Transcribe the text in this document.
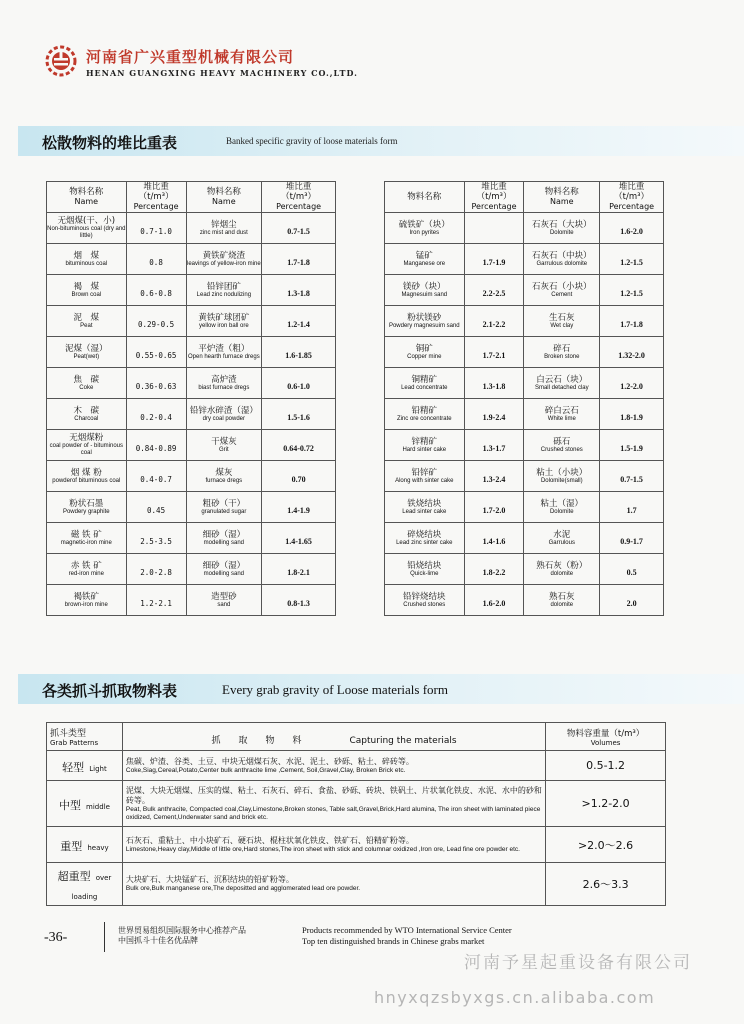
河南省广兴重型机械有限公司
HENAN GUANGXING HEAVY MACHINERY CO.,LTD.
松散物料的堆比重表	Banked specific gravity of loose materials form
物料名称
Name	堆比重
（t/m³）
Percentage	物料名称
Name	堆比重
（t/m³）
Percentage

无烟煤(干、小)
Non-bituminous coal (dry and little)	0.7-1.0	锌烟尘
zinc mist and dust	0.7-1.5

烟　煤
bituminous coal	0.8	黄铁矿烧渣
leavings of yellow-iron mine	1.7-1.8

褐　煤
Brown coal	0.6-0.8	铅锌团矿
Lead zinc nodulizing	1.3-1.8

泥　煤
Peat	0.29-0.5	黄铁矿球团矿
yellow iron ball ore	1.2-1.4

泥煤（湿）
Peat(wet)	0.55-0.65	平炉渣（粗）
Open hearth furnace dregs	1.6-1.85

焦　碳
Coke	0.36-0.63	高炉渣
biast furnace dregs	0.6-1.0

木　碳
Charcoal	0.2-0.4	铅锌水碎渣（湿）
dry coal powder	1.5-1.6

无烟煤粉
coal powder of - bituminous coal	0.84-0.89	干煤灰
Grit	0.64-0.72

烟 煤 粉
powderof bituminous coal	0.4-0.7	煤灰
furnace dregs	0.70

粉状石墨
Powdery graphite	0.45	粗砂（干）
granulated sugar	1.4-1.9

磁 铁 矿
magnetic-iron mine	2.5-3.5	细砂（湿）
modelling sand	1.4-1.65

赤 铁 矿
red-iron mine	2.0-2.8	细砂（湿）
modelling sand	1.8-2.1

褐铁矿
brown-iron mine	1.2-2.1	造型砂
sand	0.8-1.3
物料名称	堆比重
（t/m³）
Percentage	物料名称
Name	堆比重
（t/m³）
Percentage

硫铁矿（块）
Iron pyrites		石灰石（大块）
Dolomite	1.6-2.0

锰矿
Manganese ore	1.7-1.9	石灰石（中块）
Garrulous dolomite	1.2-1.5

镁砂（块）
Magnesuim sand	2.2-2.5	石灰石（小块）
Cement	1.2-1.5

粉状镁砂
Powdery magnesuim sand	2.1-2.2	生石灰
Wet clay	1.7-1.8

铜矿
Copper mine	1.7-2.1	碎石
Broken stone	1.32-2.0

铜精矿
Lead concentrate	1.3-1.8	白云石（块）
Small detached clay	1.2-2.0

铅精矿
Zinc ore concentrate	1.9-2.4	碎白云石
White lime	1.8-1.9

锌精矿
Hard sinter cake	1.3-1.7	砾石
Crushed stones	1.5-1.9

铅锌矿
Along with sinter cake	1.3-2.4	粘土（小块）
Dolomite(small)	0.7-1.5

铁烧结块
Lead sinter cake	1.7-2.0	粘土（湿）
Dolomite	1.7

碎烧结块
Lead zinc sinter cake	1.4-1.6	水泥
Garrulous	0.9-1.7

铅烧结块
Quick-lime	1.8-2.2	熟石灰（粉）
dolomite	0.5

铅锌烧结块
Crushed stones	1.6-2.0	熟石灰
dolomite	2.0
各类抓斗抓取物料表	Every grab gravity of Loose materials form
抓斗类型
Grab Patterns	抓　　取　　物　　料　　　 Capturing the materials	物料容重量（t/m³）
Volumes

轻型 Light	焦碳、炉渣、谷类、土豆、中块无烟煤石灰、水泥、泥土、砂砾、粘土、碎砖等。
Coke,Siag,Cereal,Potato,Center bulk anthracite lime ,Cement, Soil,Gravel,Clay, Broken Brick etc.	0.5-1.2
中型 middle	泥煤、大块无烟煤、压实的煤、粘土、石灰石、碎石、食盐、砂砾、砖块、铁矾土、片状氧化铁皮、水泥、水中的砂和砖等。
Peat, Bulk anthracite, Compacted coal,Clay,Limestone,Broken stones, Table salt,Gravel,Brick,Hard alumina, The iron sheet with laminated piece oxidized, Cement,Underwater sand and brick etc.	>1.2-2.0
重型 heavy	石灰石、重粘土、中小块矿石、硬石块、棍柱状氧化铁皮、铁矿石、铅精矿粉等。
Limestone,Heavy clay,Middle of little ore,Hard stones,The iron sheet with stick and columnar oxidized ,Iron ore, Lead fine ore powder etc.	>2.0～2.6
超重型 over loading	大块矿石、大块锰矿石、沉积结块的铅矿粉等。
Bulk ore,Bulk manganese ore,The depositted and agglomerated lead ore powder.	2.6～3.3
-36-	世界贸易组织国际服务中心推荐产品
中国抓斗十佳名优品牌
Products recommended by WTO International Service Center
Top ten distinguished brands in Chinese grabs market
河南予星起重设备有限公司
hnyxqzsbyxgs.cn.alibaba.com
